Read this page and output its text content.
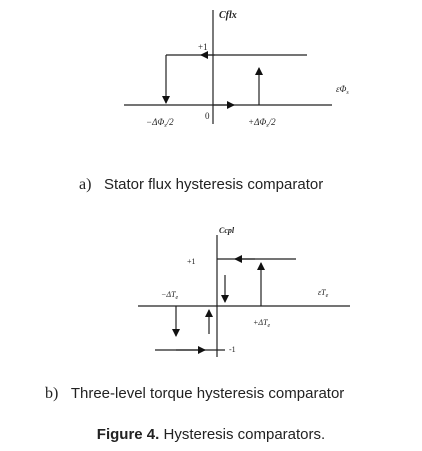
Cflx
+1
0
$\varepsilon\Phi_s$
$-\Delta\Phi_s/2$	$+\Delta\Phi_s/2$
Ccpl
+1
-1
$\varepsilon T_e$
$-\Delta T_e$
$+\Delta T_e$
a) Stator flux hysteresis comparator
b) Three-level torque hysteresis comparator
Figure 4. Hysteresis comparators.
